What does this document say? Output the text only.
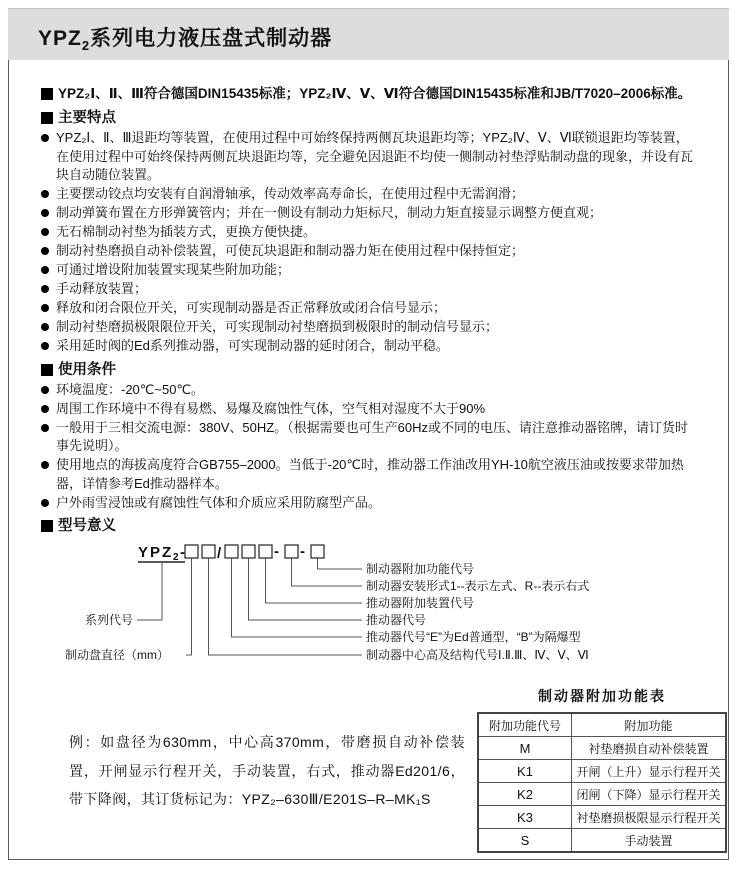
$YPZ_2$系列电力液压盘式制动器

YPZ₂Ⅰ、Ⅱ、Ⅲ符合德国DIN15435标准；YPZ₂Ⅳ、Ⅴ、Ⅵ符合德国DIN15435标准和JB/T7020–2006标准。

主要特点
YPZ₂Ⅰ、Ⅱ、Ⅲ退距均等装置，在使用过程中可始终保持两侧瓦块退距均等；YPZ₂Ⅳ、Ⅴ、Ⅵ联锁退距均等装置，在使用过程中可始终保持两侧瓦块退距均等，完全避免因退距不均使一侧制动衬垫浮贴制动盘的现象，并设有瓦块自动随位装置。
主要摆动铰点均安装有自润滑轴承，传动效率高寿命长，在使用过程中无需润滑；
制动弹簧布置在方形弹簧管内；并在一侧设有制动力矩标尺，制动力矩直接显示调整方便直观；
无石棉制动衬垫为插装方式，更换方便快捷。
制动衬垫磨损自动补偿装置，可使瓦块退距和制动器力矩在使用过程中保持恒定；
可通过增设附加装置实现某些附加功能；
手动释放装置；
释放和闭合限位开关，可实现制动器是否正常释放或闭合信号显示；
制动衬垫磨损极限限位开关，可实现制动衬垫磨损到极限时的制动信号显示；
采用延时阀的Ed系列推动器，可实现制动器的延时闭合，制动平稳。
使用条件
环境温度：-20℃~50℃。
周围工作环境中不得有易燃、易爆及腐蚀性气体，空气相对湿度不大于90%
一般用于三相交流电源：380V、50HZ。（根据需要也可生产60Hz或不同的电压、请注意推动器铭牌，请订货时事先说明）。
使用地点的海拔高度符合GB755–2000。当低于-20℃时，推动器工作油改用YH-10航空液压油或按要求带加热器，详情参考Ed推动器样本。
户外雨雪浸蚀或有腐蚀性气体和介质应采用防腐型产品。
型号意义
YPZ 2 - /	- -
系列代号
制动盘直径（mm）
制动器附加功能代号
制动器安装形式1--表示左式、R--表示右式
推动器附加装置代号
推动器代号
推动器代号“E”为Ed普通型，“B”为隔爆型
制动器中心高及结构代号Ⅰ.Ⅱ.Ⅲ、Ⅳ、Ⅴ、Ⅵ

例：如盘径为630mm，中心高370mm，带磨损自动补偿装置，开闸显示行程开关，手动装置，右式，推动器Ed201/6，带下降阀，其订货标记为：YPZ₂–630Ⅲ/E201S–R–MK₁S

制动器附加功能表

附加功能代号	附加功能
M	衬垫磨损自动补偿装置
K1	开闸（上升）显示行程开关
K2	闭闸（下降）显示行程开关
K3	衬垫磨损极限显示行程开关
S	手动装置
